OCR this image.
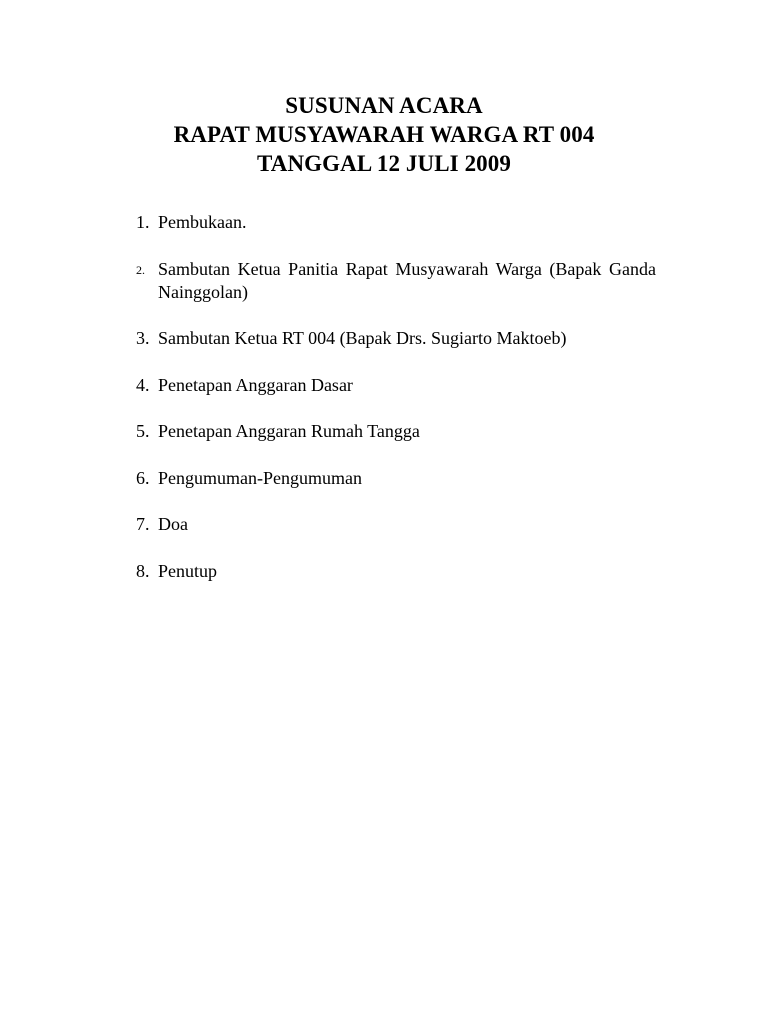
SUSUNAN ACARA

RAPAT MUSYAWARAH WARGA RT 004

TANGGAL 12 JULI 2009

1. Pembukaan.
2. Sambutan Ketua Panitia Rapat Musyawarah Warga (Bapak Ganda Nainggolan)
3. Sambutan Ketua RT 004 (Bapak Drs. Sugiarto Maktoeb)
4. Penetapan Anggaran Dasar
5. Penetapan Anggaran Rumah Tangga
6. Pengumuman-Pengumuman
7. Doa
8. Penutup
